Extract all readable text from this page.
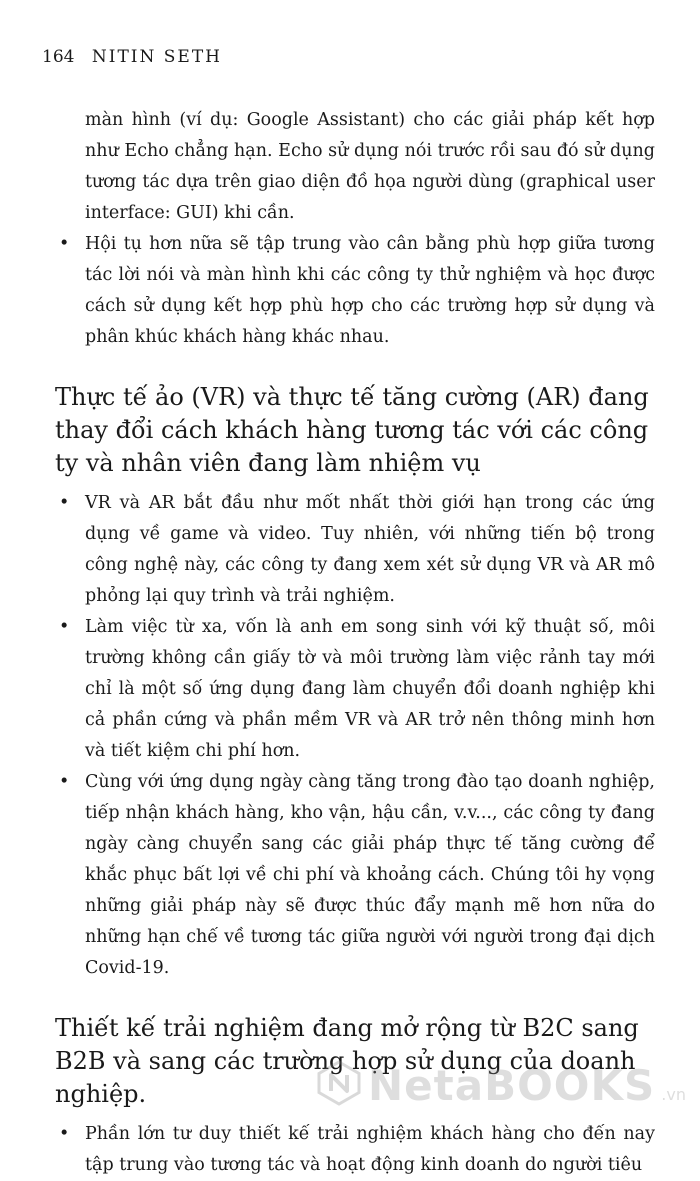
164 NITIN SETH

màn hình (ví dụ: Google Assistant) cho các giải pháp kết hợp như Echo chẳng hạn. Echo sử dụng nói trước rồi sau đó sử dụng tương tác dựa trên giao diện đồ họa người dùng (graphical user interface: GUI) khi cần.

• Hội tụ hơn nữa sẽ tập trung vào cân bằng phù hợp giữa tương tác lời nói và màn hình khi các công ty thử nghiệm và học được cách sử dụng kết hợp phù hợp cho các trường hợp sử dụng và phân khúc khách hàng khác nhau.
Thực tế ảo (VR) và thực tế tăng cường (AR) đang thay đổi cách khách hàng tương tác với các công ty và nhân viên đang làm nhiệm vụ
• VR và AR bắt đầu như mốt nhất thời giới hạn trong các ứng dụng về game và video. Tuy nhiên, với những tiến bộ trong công nghệ này, các công ty đang xem xét sử dụng VR và AR mô phỏng lại quy trình và trải nghiệm.
• Làm việc từ xa, vốn là anh em song sinh với kỹ thuật số, môi trường không cần giấy tờ và môi trường làm việc rảnh tay mới chỉ là một số ứng dụng đang làm chuyển đổi doanh nghiệp khi cả phần cứng và phần mềm VR và AR trở nên thông minh hơn và tiết kiệm chi phí hơn.
• Cùng với ứng dụng ngày càng tăng trong đào tạo doanh nghiệp, tiếp nhận khách hàng, kho vận, hậu cần, v.v..., các công ty đang ngày càng chuyển sang các giải pháp thực tế tăng cường để khắc phục bất lợi về chi phí và khoảng cách. Chúng tôi hy vọng những giải pháp này sẽ được thúc đẩy mạnh mẽ hơn nữa do những hạn chế về tương tác giữa người với người trong đại dịch Covid-19.
Thiết kế trải nghiệm đang mở rộng từ B2C sang B2B và sang các trường hợp sử dụng của doanh nghiệp.
• Phần lớn tư duy thiết kế trải nghiệm khách hàng cho đến nay tập trung vào tương tác và hoạt động kinh doanh do người tiêu
NetaBOOKS .vn
